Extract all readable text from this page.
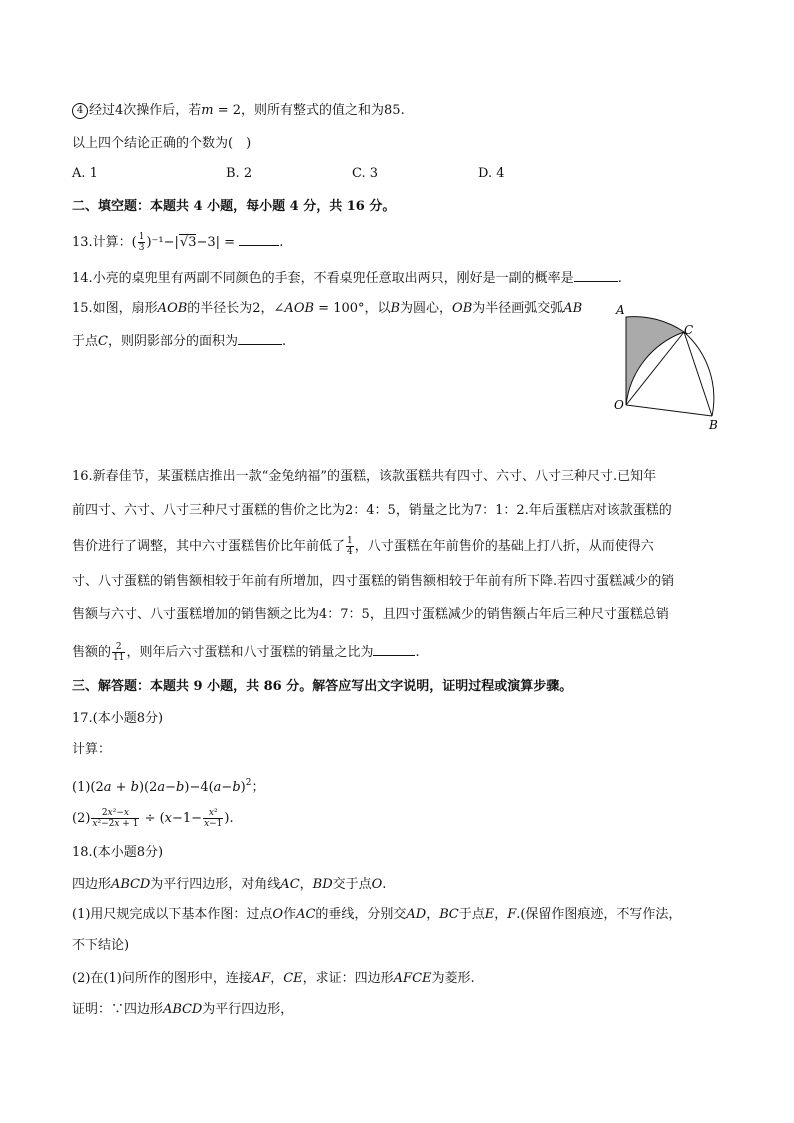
4 经过4次操作后，若𝑚 = 2，则所有整式的值之和为85.
以上四个结论正确的个数为(　)
A. 1	B. 2	C. 3	D. 4
二、填空题：本题共 4 小题，每小题 4 分，共 16 分。
13.计算：( $\frac{1}{3} )^{-1}-|√3-3|$ =	.
14.小亮的桌兜里有两副不同颜色的手套，不看桌兜任意取出两只，刚好是一副的概率是	.
15.如图，扇形𝐴𝑂𝐵的半径长为2，∠𝐴𝑂𝐵 = 100°，以𝐵为圆心，𝑂𝐵为半径画弧交弧𝐴𝐵
于点𝐶，则阴影部分的面积为	.
A
C
O
B
16.新春佳节，某蛋糕店推出一款“金兔纳福”的蛋糕，该款蛋糕共有四寸、六寸、八寸三种尺寸.已知年
前四寸、六寸、八寸三种尺寸蛋糕的售价之比为2：4：5，销量之比为7：1：2.年后蛋糕店对该款蛋糕的
售价进行了调整，其中六寸蛋糕售价比年前低了 $\frac{1}{4}$ ，八寸蛋糕在年前售价的基础上打八折，从而使得六
寸、八寸蛋糕的销售额相较于年前有所增加，四寸蛋糕的销售额相较于年前有所下降.若四寸蛋糕减少的销
售额与六寸、八寸蛋糕增加的销售额之比为4：7：5，且四寸蛋糕减少的销售额占年后三种尺寸蛋糕总销
售额的 $\frac{2}{11}$ ，则年后六寸蛋糕和八寸蛋糕的销量之比为	.
三、解答题：本题共 9 小题，共 86 分。解答应写出文字说明，证明过程或演算步骤。
17.(本小题8分)
计算：
(1)(2𝑎 + 𝑏)(2𝑎−𝑏)−4(𝑎−𝑏)$^2$；
$(2) \frac{\text{2𝑥²−𝑥}}{\text{𝑥²−2𝑥 + 1}}$ ÷ (𝑥−1− $\frac{\text{𝑥²}}{\text{𝑥−1}}$ ).
18.(本小题8分)
四边形𝐴𝐵𝐶𝐷为平行四边形，对角线𝐴𝐶，𝐵𝐷交于点𝑂.
(1)用尺规完成以下基本作图：过点𝑂作𝐴𝐶的垂线，分别交𝐴𝐷，𝐵𝐶于点𝐸，𝐹.(保留作图痕迹，不写作法，
不下结论)
(2)在(1)问所作的图形中，连接𝐴𝐹，𝐶𝐸，求证：四边形𝐴𝐹𝐶𝐸为菱形.
证明：∵四边形𝐴𝐵𝐶𝐷为平行四边形，
